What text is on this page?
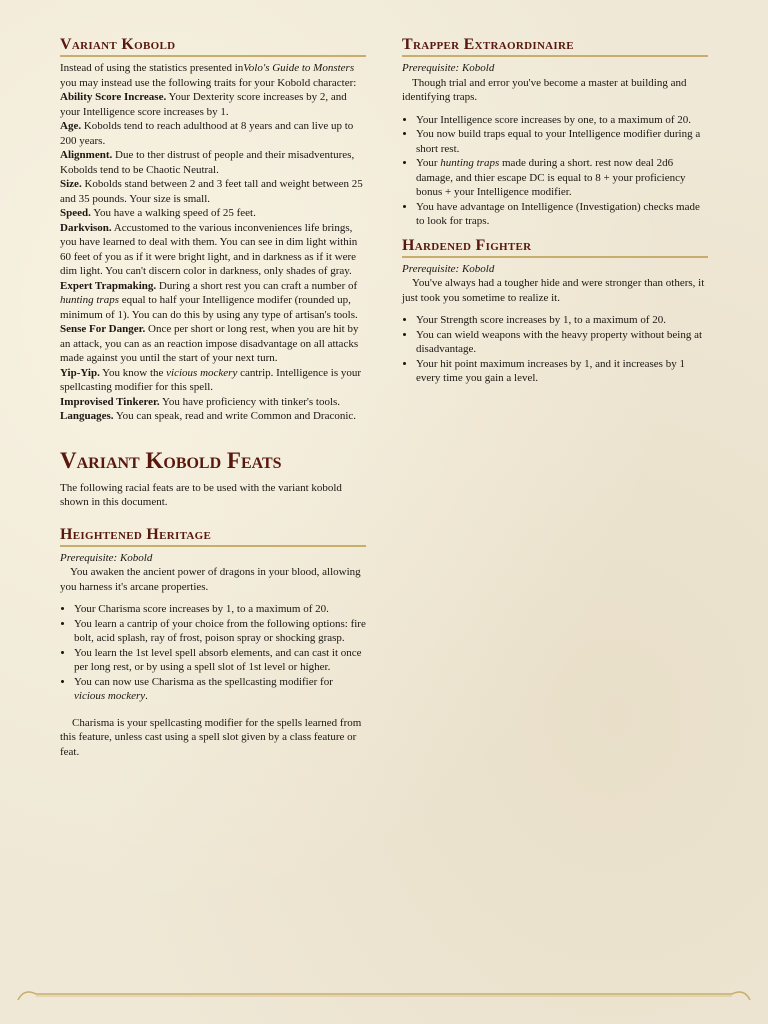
Variant Kobold

Instead of using the statistics presented inVolo's Guide to Monsters you may instead use the following traits for your Kobold character:

Ability Score Increase. Your Dexterity score increases by 2, and your Intelligence score increases by 1.

Age. Kobolds tend to reach adulthood at 8 years and can live up to 200 years.

Alignment. Due to ther distrust of people and their misadventures, Kobolds tend to be Chaotic Neutral.

Size. Kobolds stand between 2 and 3 feet tall and weight between 25 and 35 pounds. Your size is small.

Speed. You have a walking speed of 25 feet.

Darkvison. Accustomed to the various inconveniences life brings, you have learned to deal with them. You can see in dim light within 60 feet of you as if it were bright light, and in darkness as if it were dim light. You can't discern color in darkness, only shades of gray.

Expert Trapmaking. During a short rest you can craft a number of hunting traps equal to half your Intelligence modifer (rounded up, minimum of 1). You can do this by using any type of artisan's tools.

Sense For Danger. Once per short or long rest, when you are hit by an attack, you can as an reaction impose disadvantage on all attacks made against you until the start of your next turn.

Yip-Yip. You know the vicious mockery cantrip. Intelligence is your spellcasting modifier for this spell.

Improvised Tinkerer. You have proficiency with tinker's tools.

Languages. You can speak, read and write Common and Draconic.

Variant Kobold Feats

The following racial feats are to be used with the variant kobold shown in this document.

Heightened Heritage

Prerequisite: Kobold

You awaken the ancient power of dragons in your blood, allowing you harness it's arcane properties.

• Your Charisma score increases by 1, to a maximum of 20.
• You learn a cantrip of your choice from the following options: fire bolt, acid splash, ray of frost, poison spray or shocking grasp.
• You learn the 1st level spell absorb elements, and can cast it once per long rest, or by using a spell slot of 1st level or higher.
• You can now use Charisma as the spellcasting modifier for vicious mockery.

Charisma is your spellcasting modifier for the spells learned from this feature, unless cast using a spell slot given by a class feature or feat.

Trapper Extraordinaire

Prerequisite: Kobold

Though trial and error you've become a master at building and identifying traps.

• Your Intelligence score increases by one, to a maximum of 20.
• You now build traps equal to your Intelligence modifier during a short rest.
• Your hunting traps made during a short. rest now deal 2d6 damage, and thier escape DC is equal to 8 + your proficiency bonus + your Intelligence modifier.
• You have advantage on Intelligence (Investigation) checks made to look for traps.
Hardened Fighter

Prerequisite: Kobold

You've always had a tougher hide and were stronger than others, it just took you sometime to realize it.

• Your Strength score increases by 1, to a maximum of 20.
• You can wield weapons with the heavy property without being at disadvantage.
• Your hit point maximum increases by 1, and it increases by 1 every time you gain a level.
